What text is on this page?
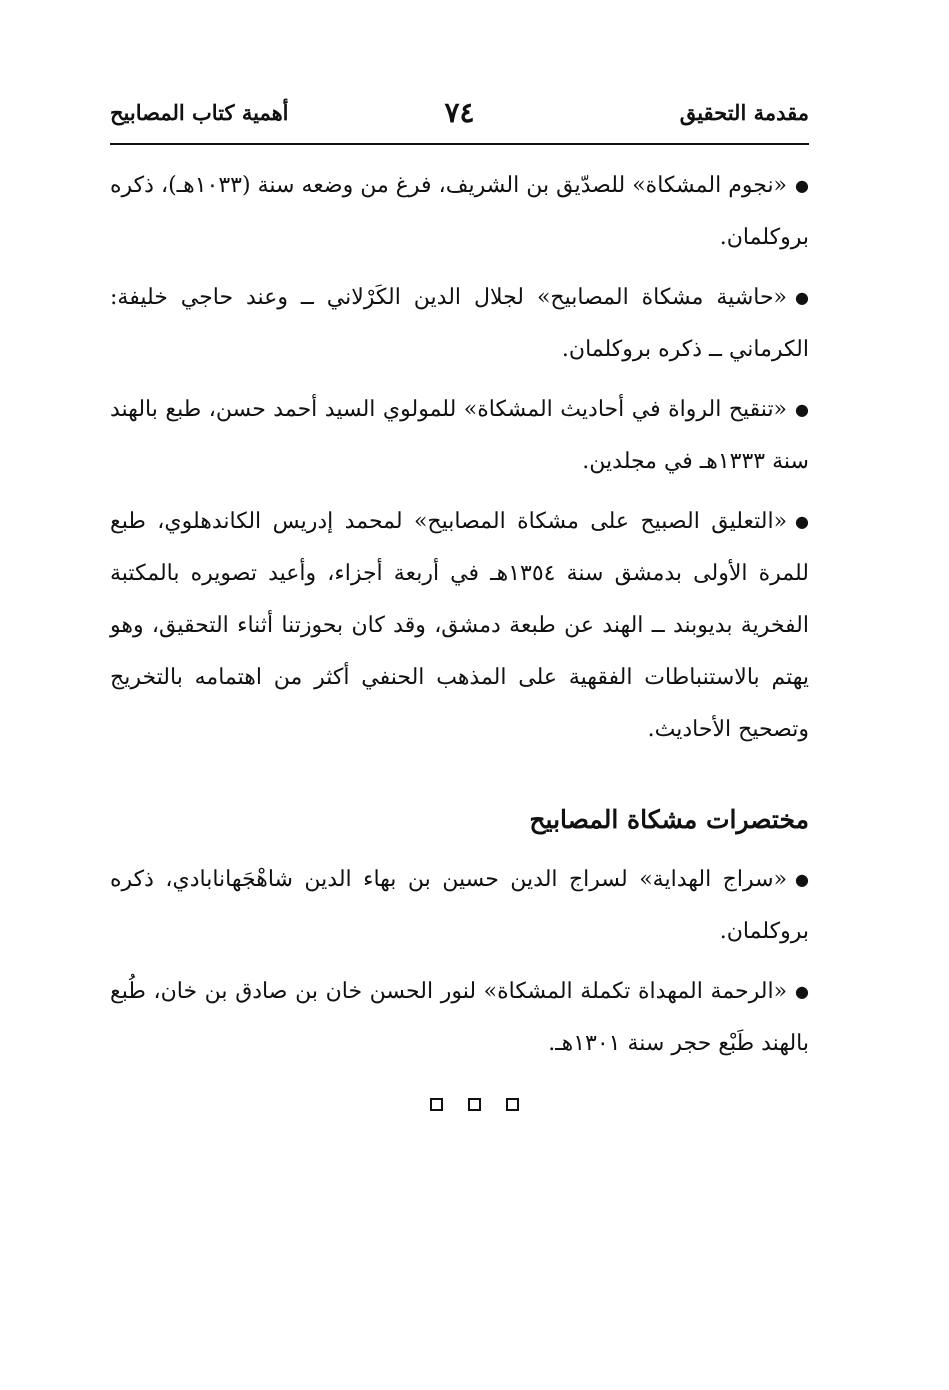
مقدمة التحقيق
٧٤
أهمية كتاب المصابيح

●«نجوم المشكاة» للصدّيق بن الشريف، فرغ من وضعه سنة (١٠٣٣هـ)، ذكره بروكلمان.

●«حاشية مشكاة المصابيح» لجلال الدين الكَرْلاني ــ وعند حاجي خليفة: الكرماني ــ ذكره بروكلمان.

●«تنقيح الرواة في أحاديث المشكاة» للمولوي السيد أحمد حسن، طبع بالهند سنة ١٣٣٣هـ في مجلدين.

●«التعليق الصبيح على مشكاة المصابيح» لمحمد إدريس الكاندهلوي، طبع للمرة الأولى بدمشق سنة ١٣٥٤هـ في أربعة أجزاء، وأعيد تصويره بالمكتبة الفخرية بديوبند ــ الهند عن طبعة دمشق، وقد كان بحوزتنا أثناء التحقيق، وهو يهتم بالاستنباطات الفقهية على المذهب الحنفي أكثر من اهتمامه بالتخريج وتصحيح الأحاديث.

مختصرات مشكاة المصابيح

●«سراج الهداية» لسراج الدين حسين بن بهاء الدين شاهْجَهانابادي، ذكره بروكلمان.

●«الرحمة المهداة تكملة المشكاة» لنور الحسن خان بن صادق بن خان، طُبع بالهند طَبْع حجر سنة ١٣٠١هـ.
